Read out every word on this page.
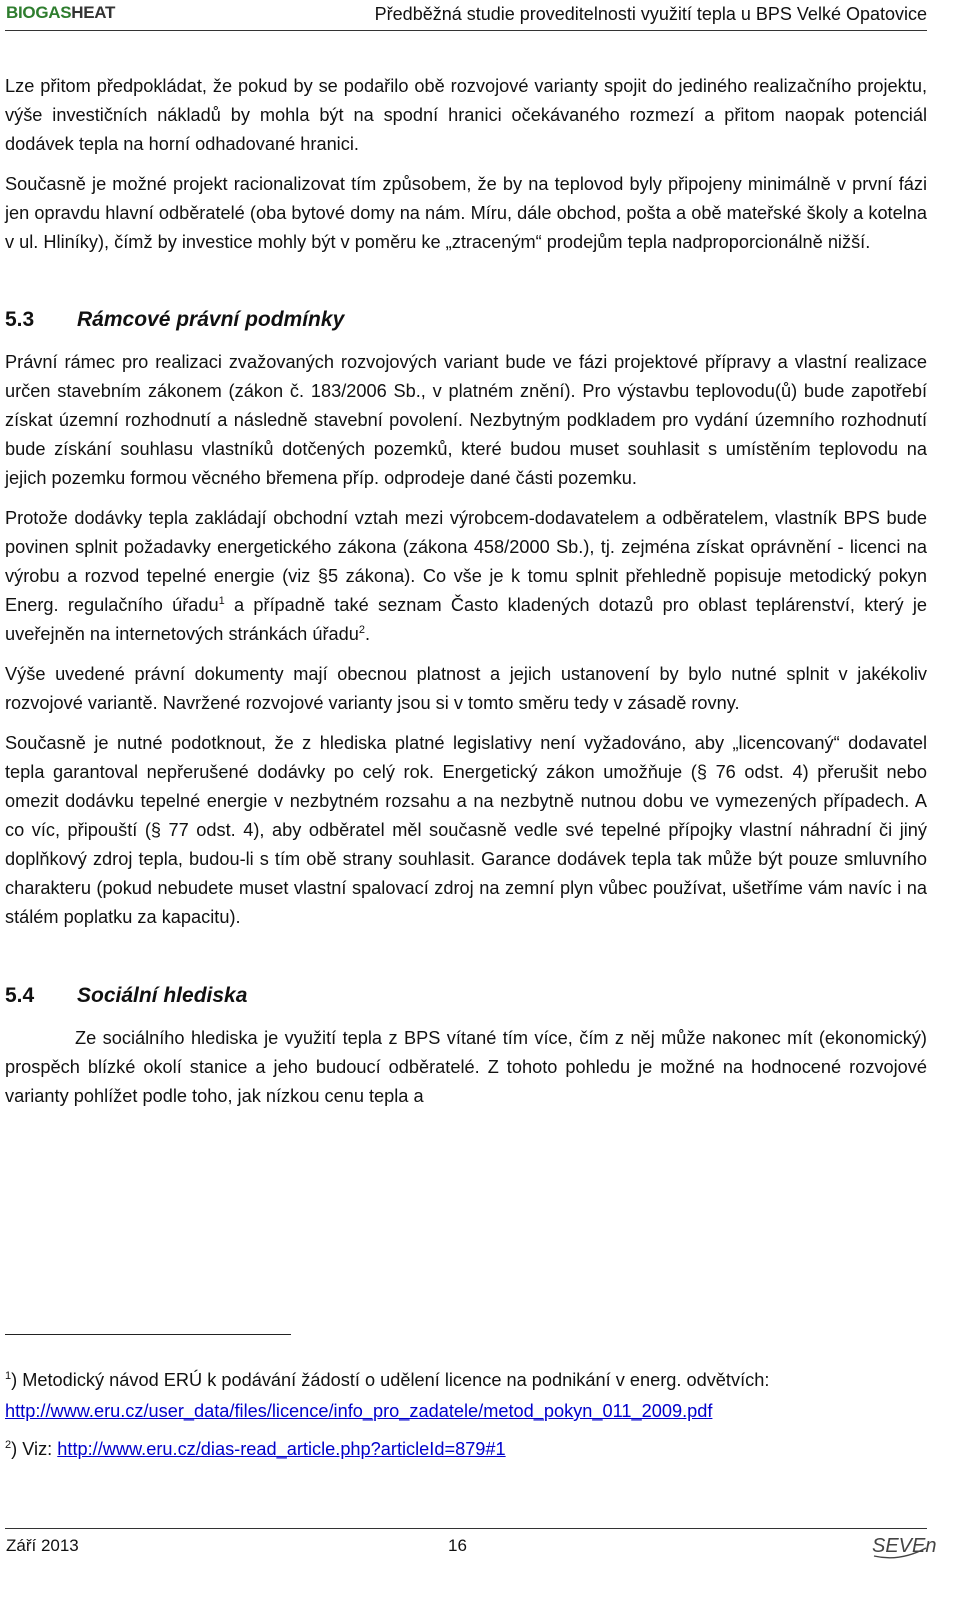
BIOGASHEAT	Předběžná studie proveditelnosti využití tepla u BPS Velké Opatovice

Lze přitom předpokládat, že pokud by se podařilo obě rozvojové varianty spojit do jediného realizačního projektu, výše investičních nákladů by mohla být na spodní hranici očekávaného rozmezí a přitom naopak potenciál dodávek tepla na horní odhadované hranici.

Současně je možné projekt racionalizovat tím způsobem, že by na teplovod byly připojeny minimálně v první fázi jen opravdu hlavní odběratelé (oba bytové domy na nám. Míru, dále obchod, pošta a obě mateřské školy a kotelna v ul. Hliníky), čímž by investice mohly být v poměru ke „ztraceným“ prodejům tepla nadproporcionálně nižší.

5.3	Rámcové právní podmínky

Právní rámec pro realizaci zvažovaných rozvojových variant bude ve fázi projektové přípravy a vlastní realizace určen stavebním zákonem (zákon č. 183/2006 Sb., v platném znění). Pro výstavbu teplovodu(ů) bude zapotřebí získat územní rozhodnutí a následně stavební povolení. Nezbytným podkladem pro vydání územního rozhodnutí bude získání souhlasu vlastníků dotčených pozemků, které budou muset souhlasit s umístěním teplovodu na jejich pozemku formou věcného břemena příp. odprodeje dané části pozemku.

Protože dodávky tepla zakládají obchodní vztah mezi výrobcem-dodavatelem a odběratelem, vlastník BPS bude povinen splnit požadavky energetického zákona (zákona 458/2000 Sb.), tj. zejména získat oprávnění - licenci na výrobu a rozvod tepelné energie (viz §5 zákona). Co vše je k tomu splnit přehledně popisuje metodický pokyn Energ. regulačního úřadu$^1$ a případně také seznam Často kladených dotazů pro oblast teplárenství, který je uveřejněn na internetových stránkách úřadu$^2$.

Výše uvedené právní dokumenty mají obecnou platnost a jejich ustanovení by bylo nutné splnit v jakékoliv rozvojové variantě. Navržené rozvojové varianty jsou si v tomto směru tedy v zásadě rovny.

Současně je nutné podotknout, že z hlediska platné legislativy není vyžadováno, aby „licencovaný“ dodavatel tepla garantoval nepřerušené dodávky po celý rok. Energetický zákon umožňuje (§ 76 odst. 4) přerušit nebo omezit dodávku tepelné energie v nezbytném rozsahu a na nezbytně nutnou dobu ve vymezených případech. A co víc, připouští (§ 77 odst. 4), aby odběratel měl současně vedle své tepelné přípojky vlastní náhradní či jiný doplňkový zdroj tepla, budou-li s tím obě strany souhlasit. Garance dodávek tepla tak může být pouze smluvního charakteru (pokud nebudete muset vlastní spalovací zdroj na zemní plyn vůbec používat, ušetříme vám navíc i na stálém poplatku za kapacitu).

5.4	Sociální hlediska

Ze sociálního hlediska je využití tepla z BPS vítané tím více, čím z něj může nakonec mít (ekonomický) prospěch blízké okolí stanice a jeho budoucí odběratelé. Z tohoto pohledu je možné na hodnocené rozvojové varianty pohlížet podle toho, jak nízkou cenu tepla a

$^1$) Metodický návod ERÚ k podávání žádostí o udělení licence na podnikání v energ. odvětvích:

http://www.eru.cz/user_data/files/licence/info_pro_zadatele/metod_pokyn_011_2009.pdf

$^2$) Viz: http://www.eru.cz/dias-read_article.php?articleId=879#1

Září 2013	16	SEVEn
